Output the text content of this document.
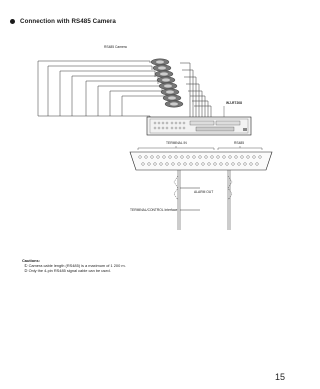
Connection with RS485 Camera
RS485 Camera
WJ-RT208
TERMINAL IN	RS485
ALARM OUT
TERMINAL/CONTROL Interface
Cautions:
① Camera cable length (RS485) is a maximum of 1 200 m.
② Only the 4-pin RS485 signal cable can be used.
15
